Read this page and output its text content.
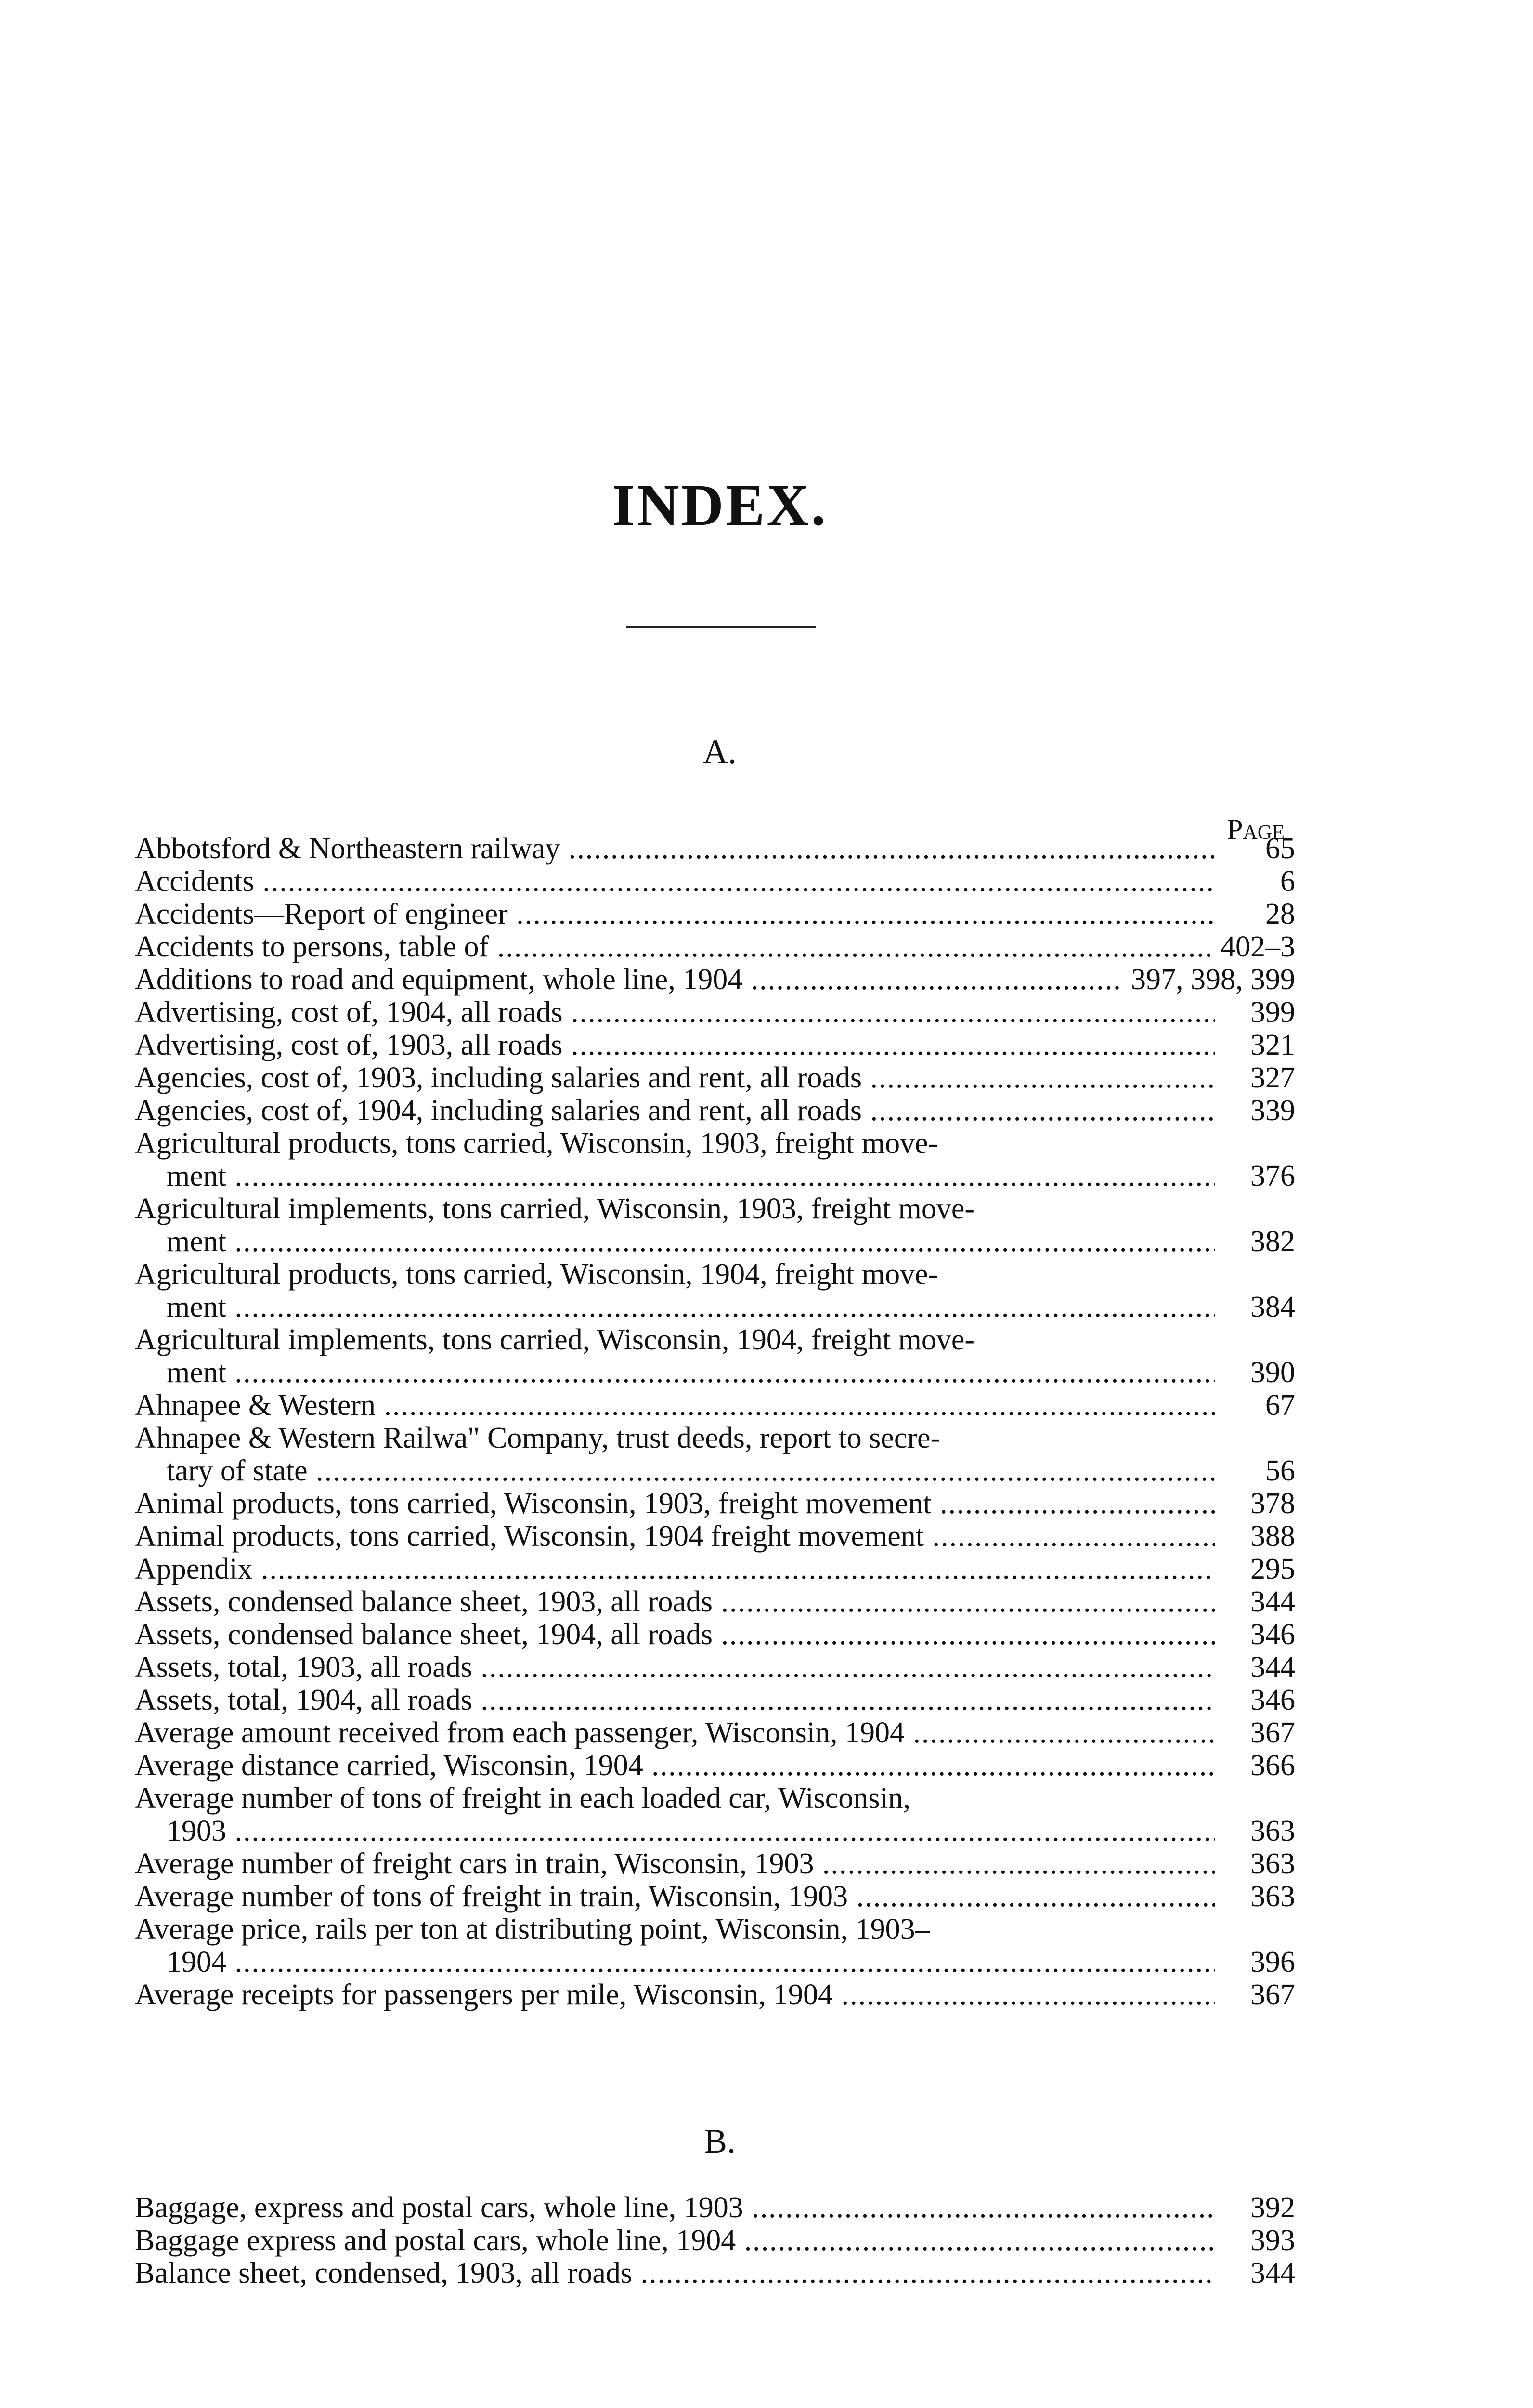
INDEX.
A.
Page
Abbotsford & Northeastern railway .....	65
Accidents .....	6
Accidents—Report of engineer .....	28
Accidents to persons, table of .....	402–3
Additions to road and equipment, whole line, 1904 .....	397, 398, 399
Advertising, cost of, 1904, all roads .....	399
Advertising, cost of, 1903, all roads .....	321
Agencies, cost of, 1903, including salaries and rent, all roads .....	327
Agencies, cost of, 1904, including salaries and rent, all roads .....	339
Agricultural products, tons carried, Wisconsin, 1903, freight move-
ment .....	376
Agricultural implements, tons carried, Wisconsin, 1903, freight move-
ment .....	382
Agricultural products, tons carried, Wisconsin, 1904, freight move-
ment .....	384
Agricultural implements, tons carried, Wisconsin, 1904, freight move-
ment .....	390
Ahnapee & Western .....	67
Ahnapee & Western Railwa" Company, trust deeds, report to secre-
tary of state .....	56
Animal products, tons carried, Wisconsin, 1903, freight movement .....	378
Animal products, tons carried, Wisconsin, 1904 freight movement .....	388
Appendix .....	295
Assets, condensed balance sheet, 1903, all roads .....	344
Assets, condensed balance sheet, 1904, all roads .....	346
Assets, total, 1903, all roads .....	344
Assets, total, 1904, all roads .....	346
Average amount received from each passenger, Wisconsin, 1904 .....	367
Average distance carried, Wisconsin, 1904 .....	366
Average number of tons of freight in each loaded car, Wisconsin,
1903 .....	363
Average number of freight cars in train, Wisconsin, 1903 .....	363
Average number of tons of freight in train, Wisconsin, 1903 .....	363
Average price, rails per ton at distributing point, Wisconsin, 1903–
1904 .....	396
Average receipts for passengers per mile, Wisconsin, 1904 .....	367
B.
Baggage, express and postal cars, whole line, 1903 .....	392
Baggage express and postal cars, whole line, 1904 .....	393
Balance sheet, condensed, 1903, all roads .....	344
